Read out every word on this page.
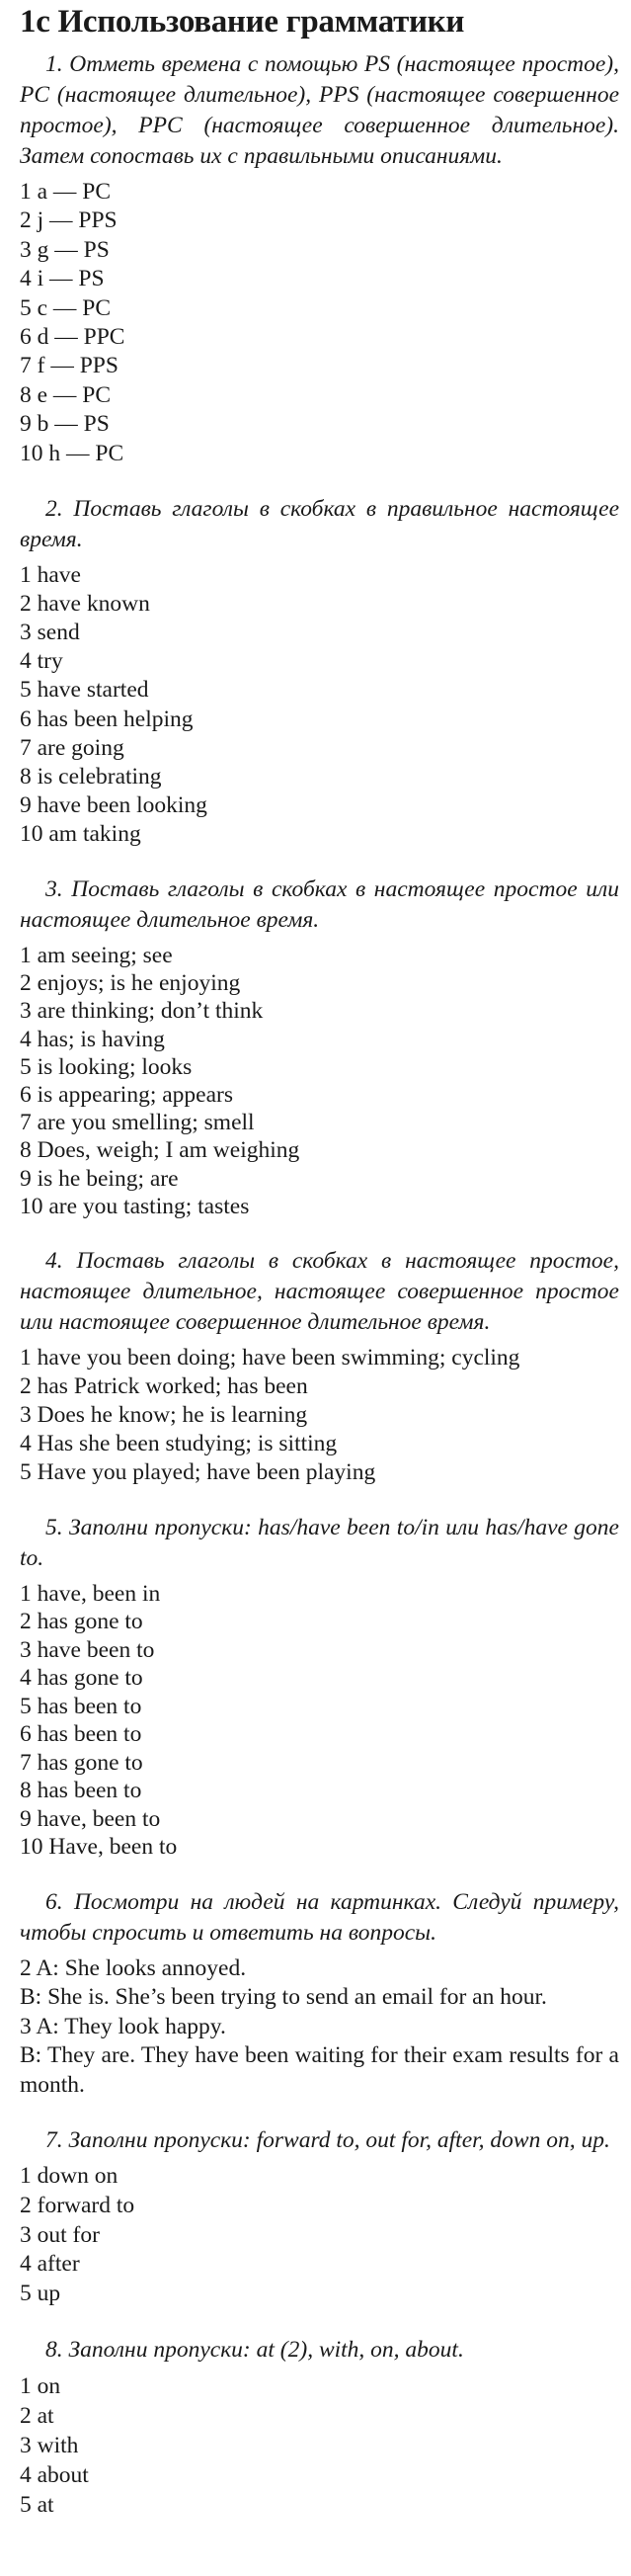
1c Использование грамматики

1. Отметь времена с помощью PS (настоящее простое), PC (настоящее длительное), PPS (настоящее совершенное простое), PPC (настоящее совершенное длительное). Затем сопоставь их с правильными описаниями.

1 a — PC
2 j — PPS
3 g — PS
4 i — PS
5 c — PC
6 d — PPC
7 f — PPS
8 e — PC
9 b — PS
10 h — PC

2. Поставь глаголы в скобках в правильное настоящее время.

1 have
2 have known
3 send
4 try
5 have started
6 has been helping
7 are going
8 is celebrating
9 have been looking
10 am taking

3. Поставь глаголы в скобках в настоящее простое или настоящее длительное время.

1 am seeing; see
2 enjoys; is he enjoying
3 are thinking; don’t think
4 has; is having
5 is looking; looks
6 is appearing; appears
7 are you smelling; smell
8 Does, weigh; I am weighing
9 is he being; are
10 are you tasting; tastes

4. Поставь глаголы в скобках в настоящее простое, настоящее длительное, настоящее совершенное простое или настоящее совершенное длительное время.

1 have you been doing; have been swimming; cycling
2 has Patrick worked; has been
3 Does he know; he is learning
4 Has she been studying; is sitting
5 Have you played; have been playing

5. Заполни пропуски: has/have been to/in или has/have gone to.

1 have, been in
2 has gone to
3 have been to
4 has gone to
5 has been to
6 has been to
7 has gone to
8 has been to
9 have, been to
10 Have, been to

6. Посмотри на людей на картинках. Следуй примеру, чтобы спросить и ответить на вопросы.

2 A: She looks annoyed.

B: She is. She’s been trying to send an email for an hour.

3 A: They look happy.

B: They are. They have been waiting for their exam results for a month.

7. Заполни пропуски: forward to, out for, after, down on, up.

1 down on
2 forward to
3 out for
4 after
5 up

8. Заполни пропуски: at (2), with, on, about.

1 on
2 at
3 with
4 about
5 at
